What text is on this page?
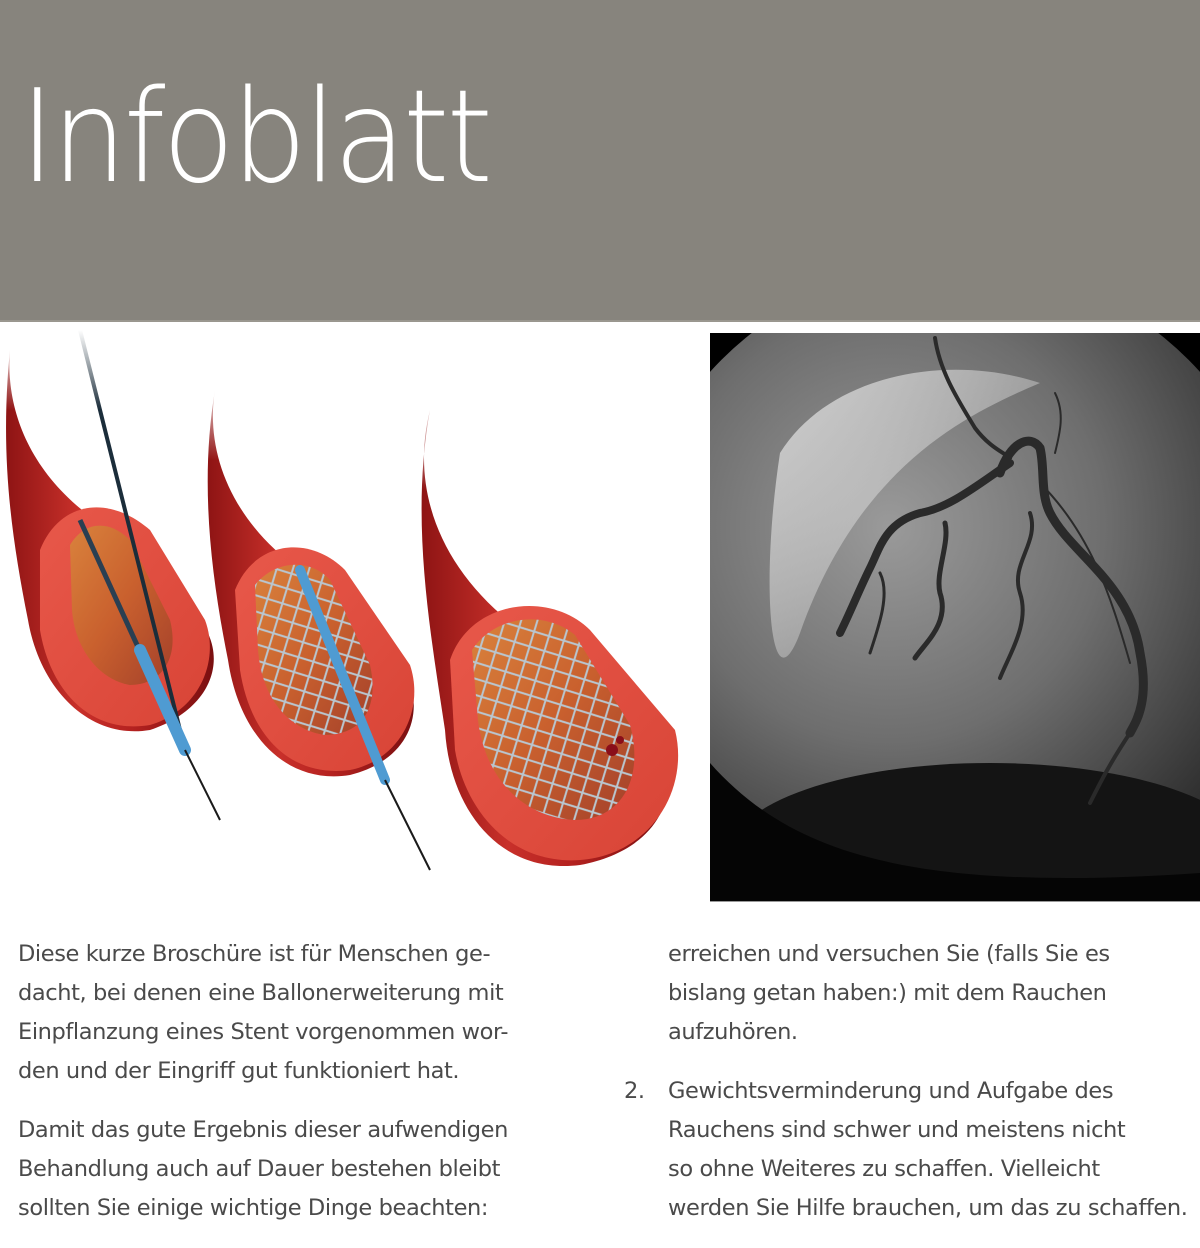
Infoblatt

Diese kurze Broschüre ist für Menschen ge-
dacht, bei denen eine Ballonerweiterung mit
Einpflanzung eines Stent vorgenommen wor-
den und der Eingriff gut funktioniert hat.

Damit das gute Ergebnis dieser aufwendigen
Behandlung auch auf Dauer bestehen bleibt
sollten Sie einige wichtige Dinge beachten:

erreichen und versuchen Sie (falls Sie es
bislang getan haben:) mit dem Rauchen
aufzuhören.

2. Gewichtsverminderung und Aufgabe des
Rauchens sind schwer und meistens nicht
so ohne Weiteres zu schaffen. Vielleicht
werden Sie Hilfe brauchen, um das zu schaffen.
